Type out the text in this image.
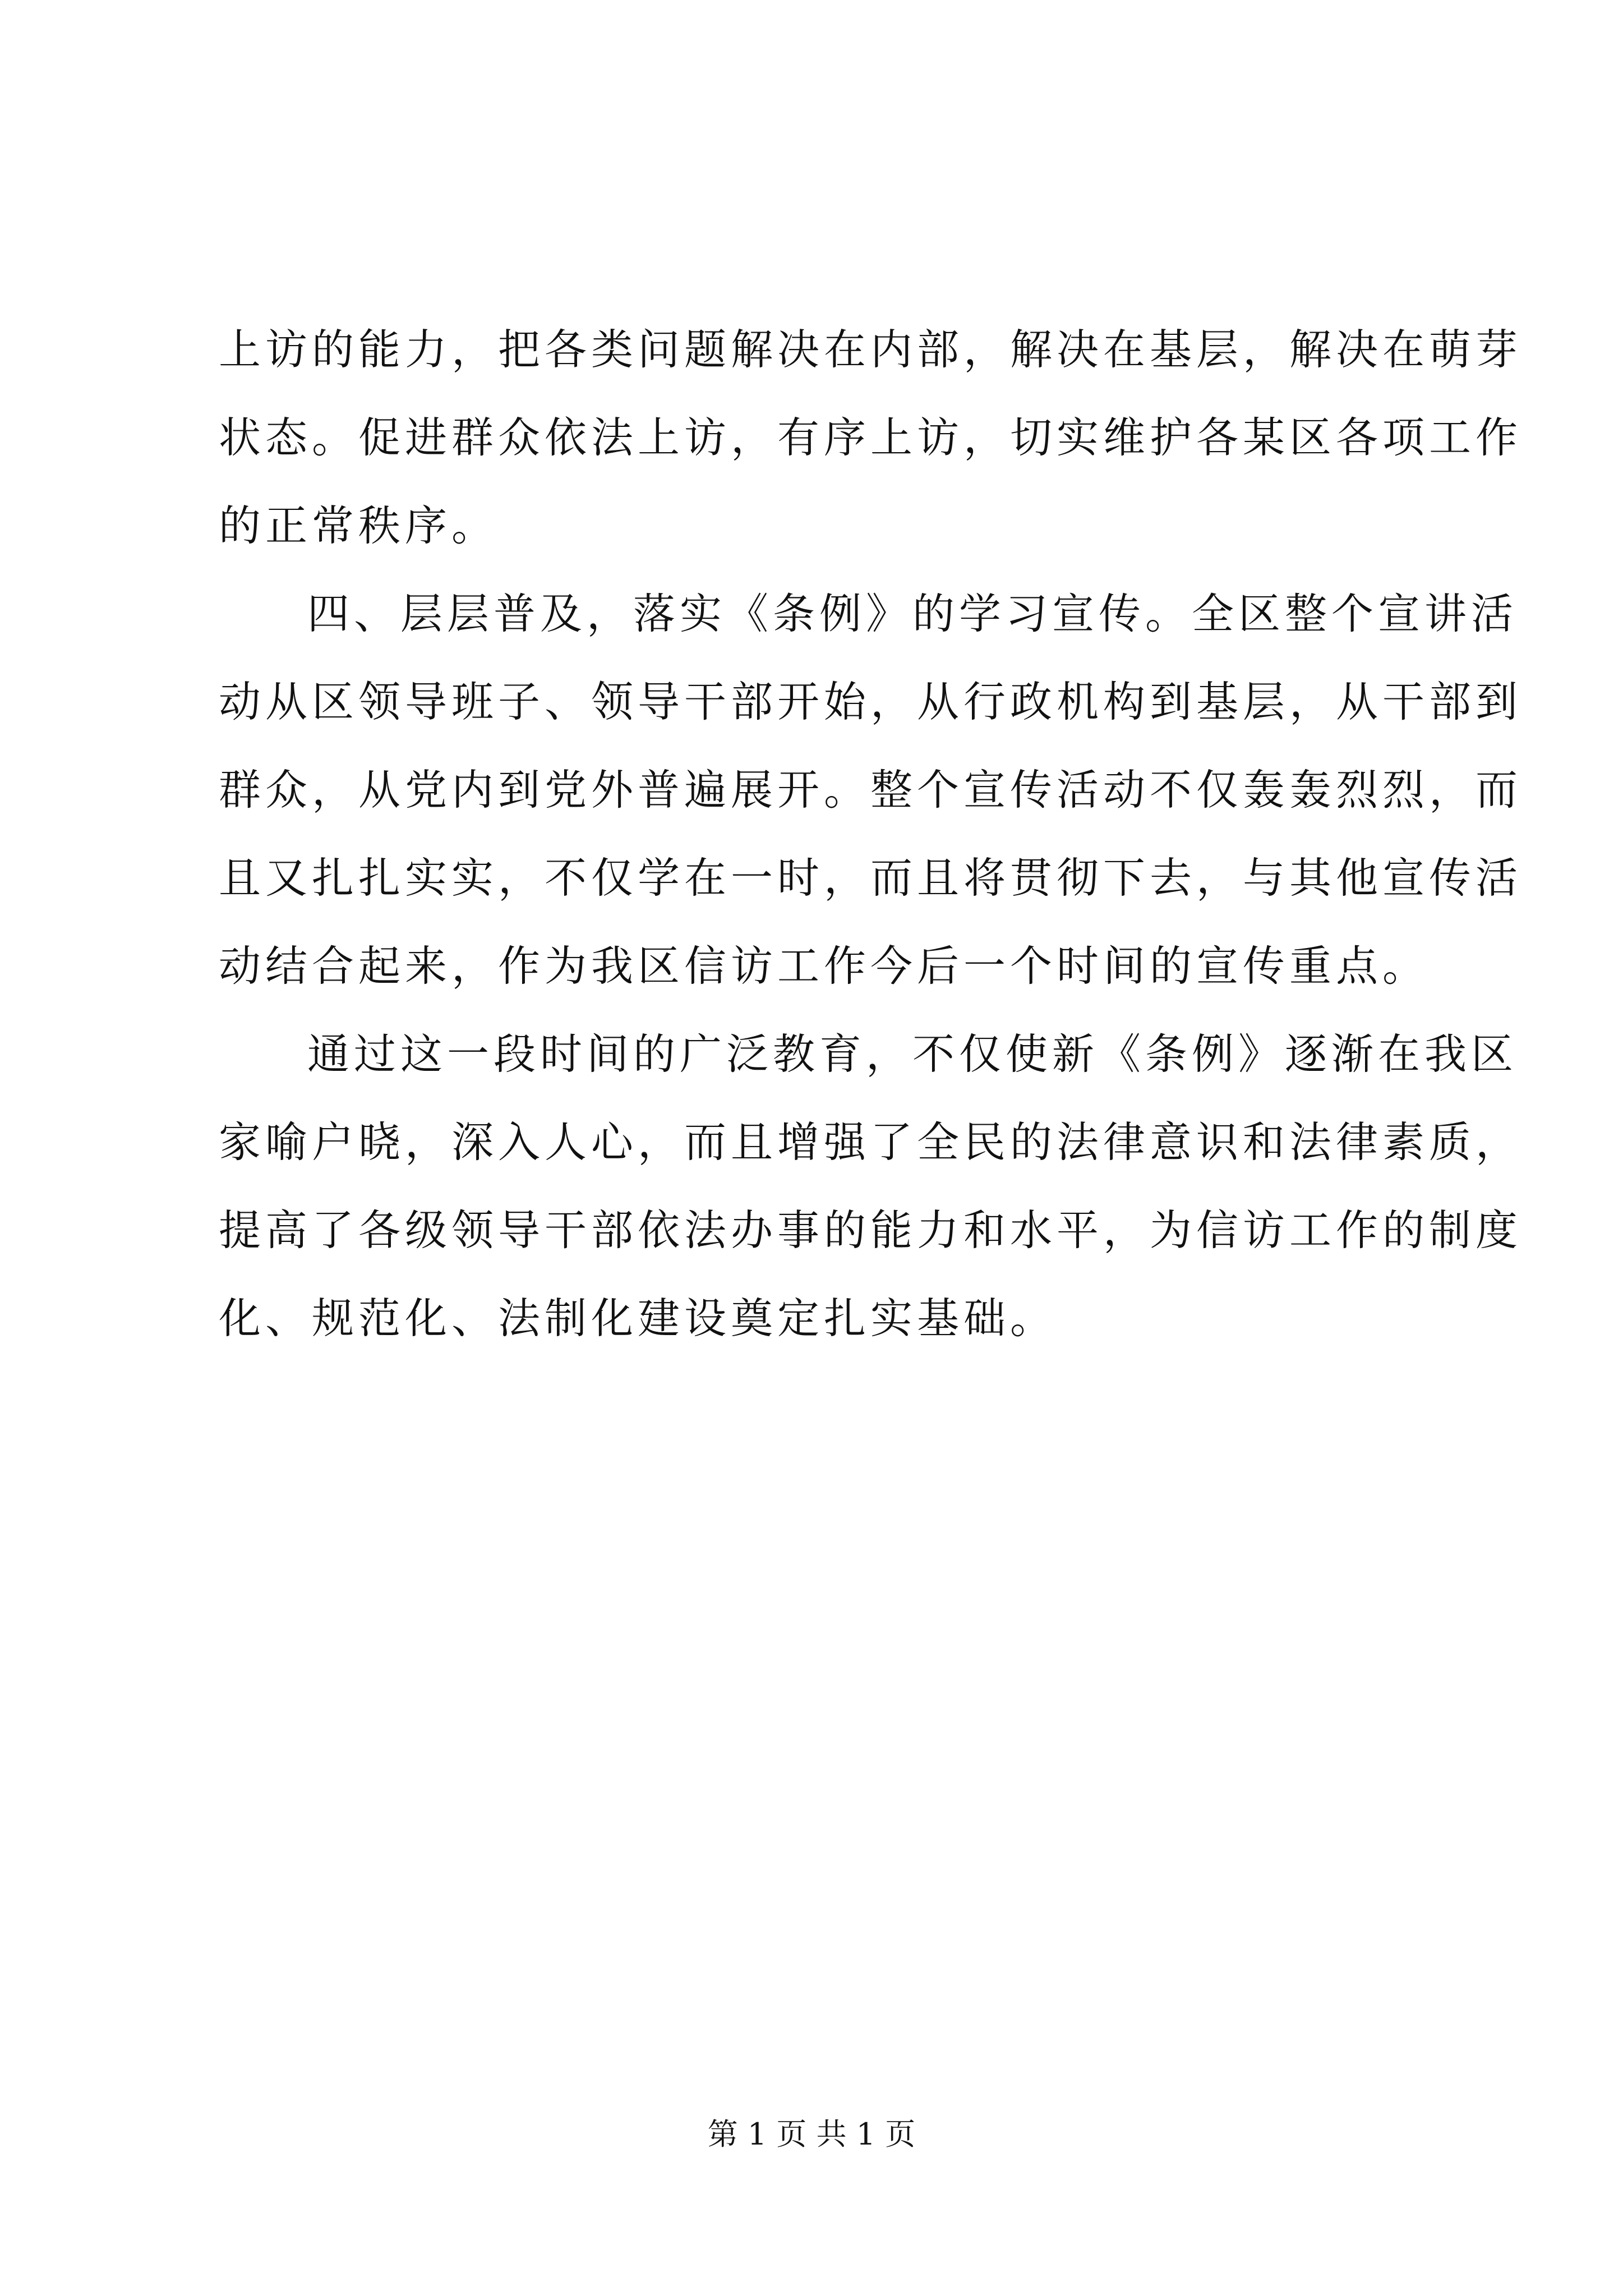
上访的能力，把各类问题解决在内部，解决在基层，解决在萌芽
状态。促进群众依法上访，有序上访，切实维护各某区各项工作
的正常秩序。
四、层层普及，落实《条例》的学习宣传。全区整个宣讲活
动从区领导班子、领导干部开始，从行政机构到基层，从干部到
群众，从党内到党外普遍展开。整个宣传活动不仅轰轰烈烈，而
且又扎扎实实，不仅学在一时，而且将贯彻下去，与其他宣传活
动结合起来，作为我区信访工作今后一个时间的宣传重点。
通过这一段时间的广泛教育，不仅使新《条例》逐渐在我区
家喻户晓，深入人心，而且增强了全民的法律意识和法律素质，
提高了各级领导干部依法办事的能力和水平，为信访工作的制度
化、规范化、法制化建设奠定扎实基础。
第 1 页 共 1 页
